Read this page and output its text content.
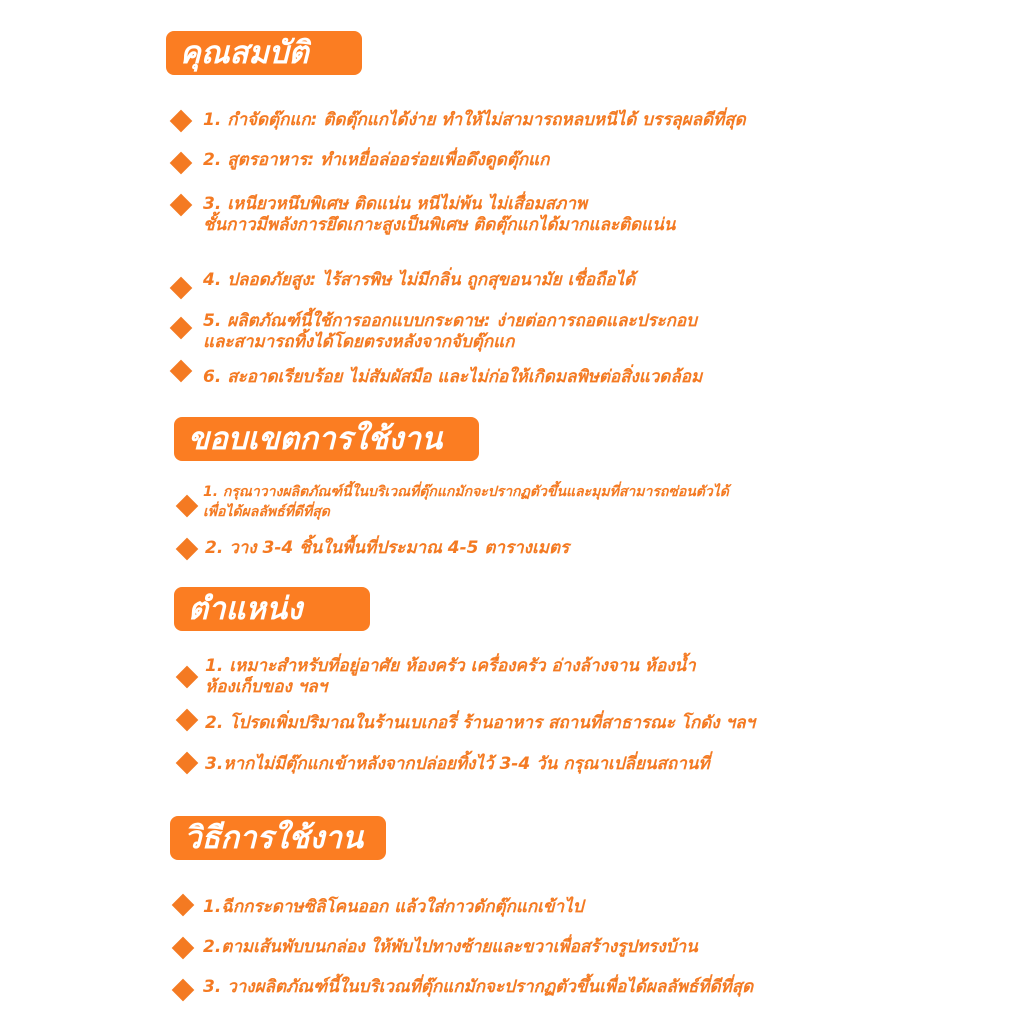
คุณสมบัติ
1. กำจัดตุ๊กแก: ติดตุ๊กแกได้ง่าย ทำให้ไม่สามารถหลบหนีได้ บรรลุผลดีที่สุด
2. สูตรอาหาร: ทำเหยื่อล่ออร่อยเพื่อดึงดูดตุ๊กแก
3. เหนียวหนึบพิเศษ ติดแน่น หนีไม่พ้น ไม่เสื่อมสภาพ
ชั้นกาวมีพลังการยึดเกาะสูงเป็นพิเศษ ติดตุ๊กแกได้มากและติดแน่น
4. ปลอดภัยสูง: ไร้สารพิษ ไม่มีกลิ่น ถูกสุขอนามัย เชื่อถือได้
5. ผลิตภัณฑ์นี้ใช้การออกแบบกระดาษ: ง่ายต่อการถอดและประกอบ
และสามารถทิ้งได้โดยตรงหลังจากจับตุ๊กแก
6. สะอาดเรียบร้อย ไม่สัมผัสมือ และไม่ก่อให้เกิดมลพิษต่อสิ่งแวดล้อม
ขอบเขตการใช้งาน
1. กรุณาวางผลิตภัณฑ์นี้ในบริเวณที่ตุ๊กแกมักจะปรากฏตัวขึ้นและมุมที่สามารถซ่อนตัวได้
เพื่อได้ผลลัพธ์ที่ดีที่สุด
2. วาง 3-4 ชิ้นในพื้นที่ประมาณ 4-5 ตารางเมตร
ตำแหน่ง
1. เหมาะสำหรับที่อยู่อาศัย ห้องครัว เครื่องครัว อ่างล้างจาน ห้องน้ำ
ห้องเก็บของ ฯลฯ
2. โปรดเพิ่มปริมาณในร้านเบเกอรี่ ร้านอาหาร สถานที่สาธารณะ โกดัง ฯลฯ
3.หากไม่มีตุ๊กแกเข้าหลังจากปล่อยทิ้งไว้ 3-4 วัน กรุณาเปลี่ยนสถานที่
วิธีการใช้งาน
1.ฉีกกระดาษซิลิโคนออก แล้วใส่กาวดักตุ๊กแกเข้าไป
2.ตามเส้นพับบนกล่อง ให้พับไปทางซ้ายและขวาเพื่อสร้างรูปทรงบ้าน
3. วางผลิตภัณฑ์นี้ในบริเวณที่ตุ๊กแกมักจะปรากฏตัวขึ้นเพื่อได้ผลลัพธ์ที่ดีที่สุด
